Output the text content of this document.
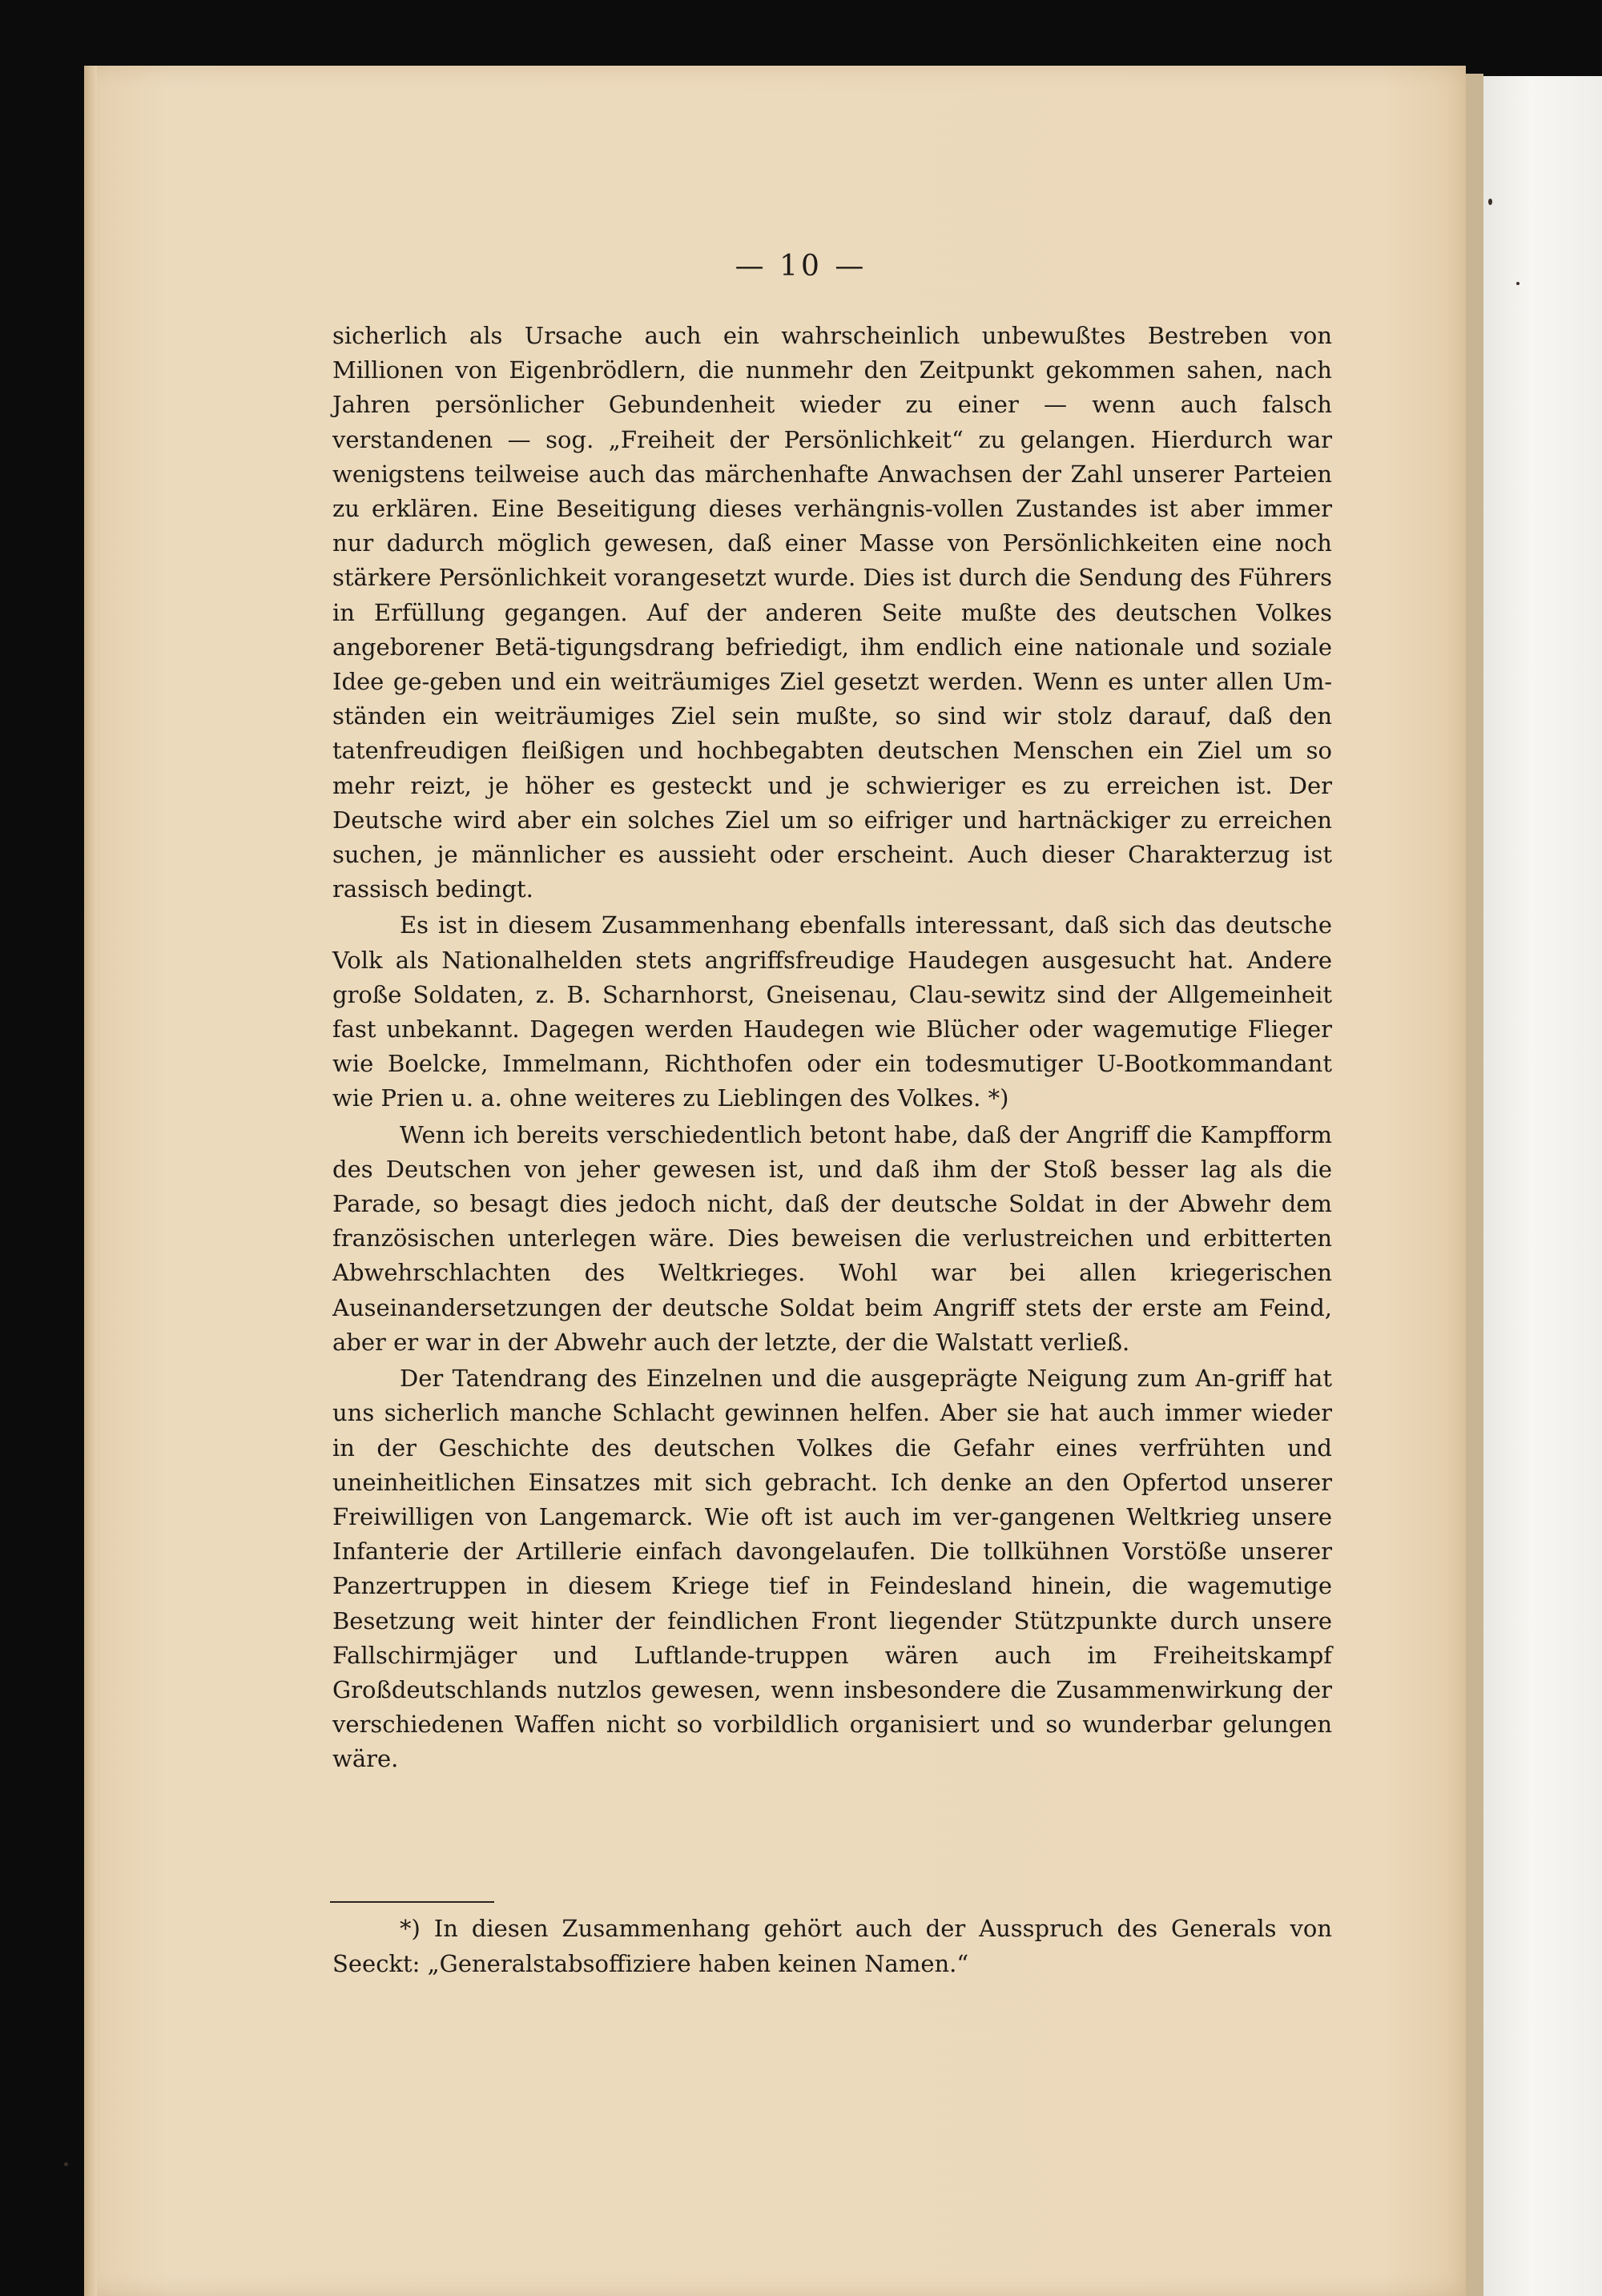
— 10 —

sicherlich als Ursache auch ein wahrscheinlich unbewußtes Bestreben von Millionen von Eigenbrödlern, die nunmehr den Zeitpunkt gekommen sahen, nach Jahren persönlicher Gebundenheit wieder zu einer — wenn auch falsch verstandenen — sog. „Freiheit der Persönlichkeit“ zu gelangen. Hierdurch war wenigstens teilweise auch das märchenhafte Anwachsen der Zahl unserer Parteien zu erklären. Eine Beseitigung dieses verhängnis-vollen Zustandes ist aber immer nur dadurch möglich gewesen, daß einer Masse von Persönlichkeiten eine noch stärkere Persönlichkeit vorangesetzt wurde. Dies ist durch die Sendung des Führers in Erfüllung gegangen. Auf der anderen Seite mußte des deutschen Volkes angeborener Betä-tigungsdrang befriedigt, ihm endlich eine nationale und soziale Idee ge-geben und ein weiträumiges Ziel gesetzt werden. Wenn es unter allen Um-ständen ein weiträumiges Ziel sein mußte, so sind wir stolz darauf, daß den tatenfreudigen fleißigen und hochbegabten deutschen Menschen ein Ziel um so mehr reizt, je höher es gesteckt und je schwieriger es zu erreichen ist. Der Deutsche wird aber ein solches Ziel um so eifriger und hartnäckiger zu erreichen suchen, je männlicher es aussieht oder erscheint. Auch dieser Charakterzug ist rassisch bedingt.

Es ist in diesem Zusammenhang ebenfalls interessant, daß sich das deutsche Volk als Nationalhelden stets angriffsfreudige Haudegen ausgesucht hat. Andere große Soldaten, z. B. Scharnhorst, Gneisenau, Clau-sewitz sind der Allgemeinheit fast unbekannt. Dagegen werden Haudegen wie Blücher oder wagemutige Flieger wie Boelcke, Immelmann, Richthofen oder ein todesmutiger U-Bootkommandant wie Prien u. a. ohne weiteres zu Lieblingen des Volkes. *)

Wenn ich bereits verschiedentlich betont habe, daß der Angriff die Kampfform des Deutschen von jeher gewesen ist, und daß ihm der Stoß besser lag als die Parade, so besagt dies jedoch nicht, daß der deutsche Soldat in der Abwehr dem französischen unterlegen wäre. Dies beweisen die verlustreichen und erbitterten Abwehrschlachten des Weltkrieges. Wohl war bei allen kriegerischen Auseinandersetzungen der deutsche Soldat beim Angriff stets der erste am Feind, aber er war in der Abwehr auch der letzte, der die Walstatt verließ.

Der Tatendrang des Einzelnen und die ausgeprägte Neigung zum An-griff hat uns sicherlich manche Schlacht gewinnen helfen. Aber sie hat auch immer wieder in der Geschichte des deutschen Volkes die Gefahr eines verfrühten und uneinheitlichen Einsatzes mit sich gebracht. Ich denke an den Opfertod unserer Freiwilligen von Langemarck. Wie oft ist auch im ver-gangenen Weltkrieg unsere Infanterie der Artillerie einfach davongelaufen. Die tollkühnen Vorstöße unserer Panzertruppen in diesem Kriege tief in Feindesland hinein, die wagemutige Besetzung weit hinter der feindlichen Front liegender Stützpunkte durch unsere Fallschirmjäger und Luftlande-truppen wären auch im Freiheitskampf Großdeutschlands nutzlos gewesen, wenn insbesondere die Zusammenwirkung der verschiedenen Waffen nicht so vorbildlich organisiert und so wunderbar gelungen wäre.

*) In diesen Zusammenhang gehört auch der Ausspruch des Generals von Seeckt: „Generalstabsoffiziere haben keinen Namen.“
